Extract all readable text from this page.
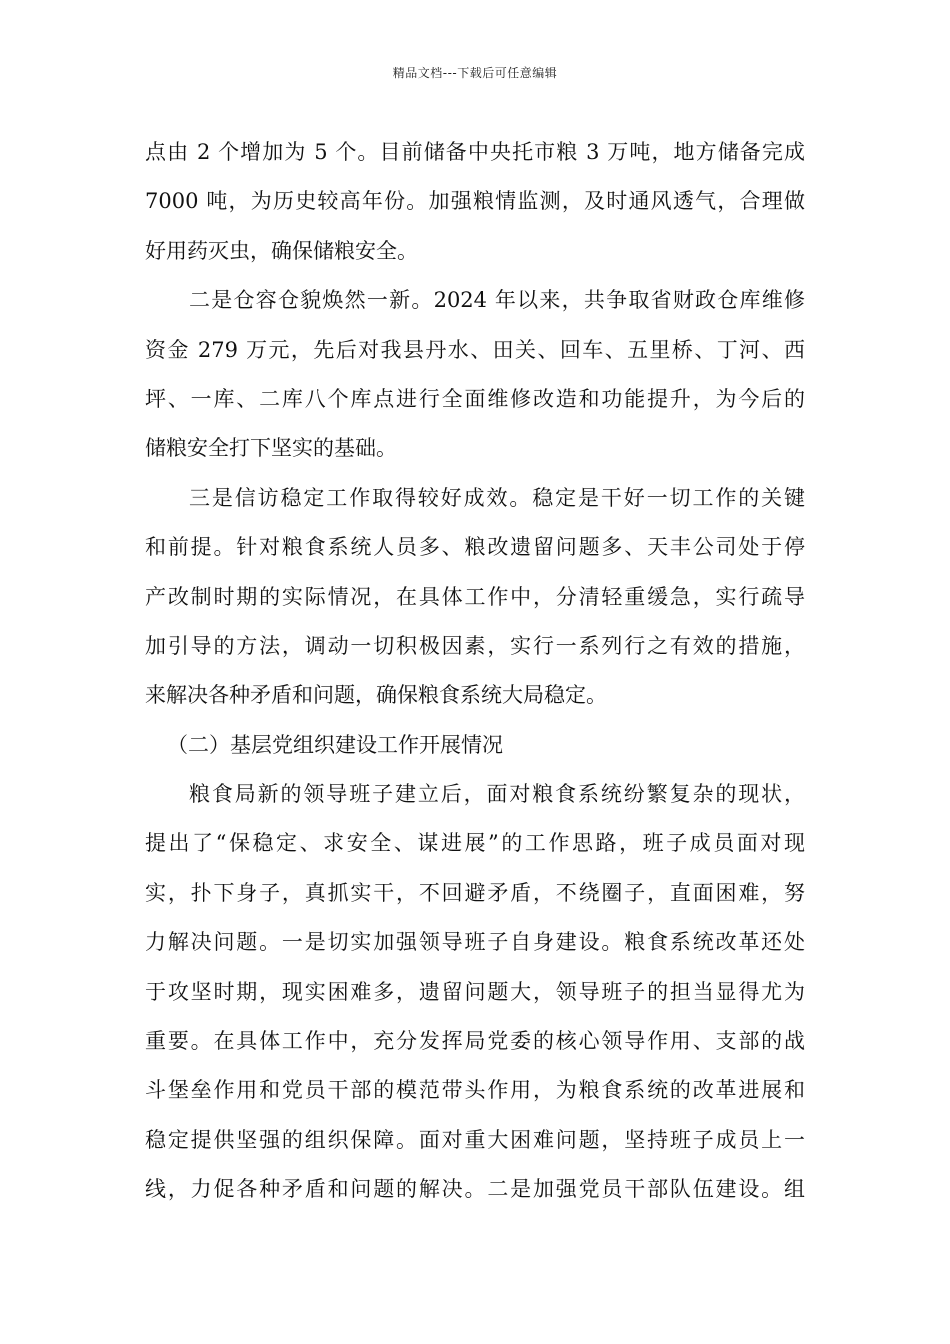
精品文档---下载后可任意编辑
点由 2 个增加为 5 个。目前储备中央托市粮 3 万吨，地方储备完成
7000 吨，为历史较高年份。加强粮情监测，及时通风透气，合理做
好用药灭虫，确保储粮安全。
二是仓容仓貌焕然一新。2024 年以来，共争取省财政仓库维修
资金 279 万元，先后对我县丹水、田关、回车、五里桥、丁河、西
坪、一库、二库八个库点进行全面维修改造和功能提升，为今后的
储粮安全打下坚实的基础。
三是信访稳定工作取得较好成效。稳定是干好一切工作的关键
和前提。针对粮食系统人员多、粮改遗留问题多、天丰公司处于停
产改制时期的实际情况，在具体工作中，分清轻重缓急，实行疏导
加引导的方法，调动一切积极因素，实行一系列行之有效的措施，
来解决各种矛盾和问题，确保粮食系统大局稳定。
（二）基层党组织建设工作开展情况
粮食局新的领导班子建立后，面对粮食系统纷繁复杂的现状，
提出了“保稳定、求安全、谋进展”的工作思路，班子成员面对现
实，扑下身子，真抓实干，不回避矛盾，不绕圈子，直面困难，努
力解决问题。一是切实加强领导班子自身建设。粮食系统改革还处
于攻坚时期，现实困难多，遗留问题大，领导班子的担当显得尤为
重要。在具体工作中，充分发挥局党委的核心领导作用、支部的战
斗堡垒作用和党员干部的模范带头作用，为粮食系统的改革进展和
稳定提供坚强的组织保障。面对重大困难问题，坚持班子成员上一
线，力促各种矛盾和问题的解决。二是加强党员干部队伍建设。组
